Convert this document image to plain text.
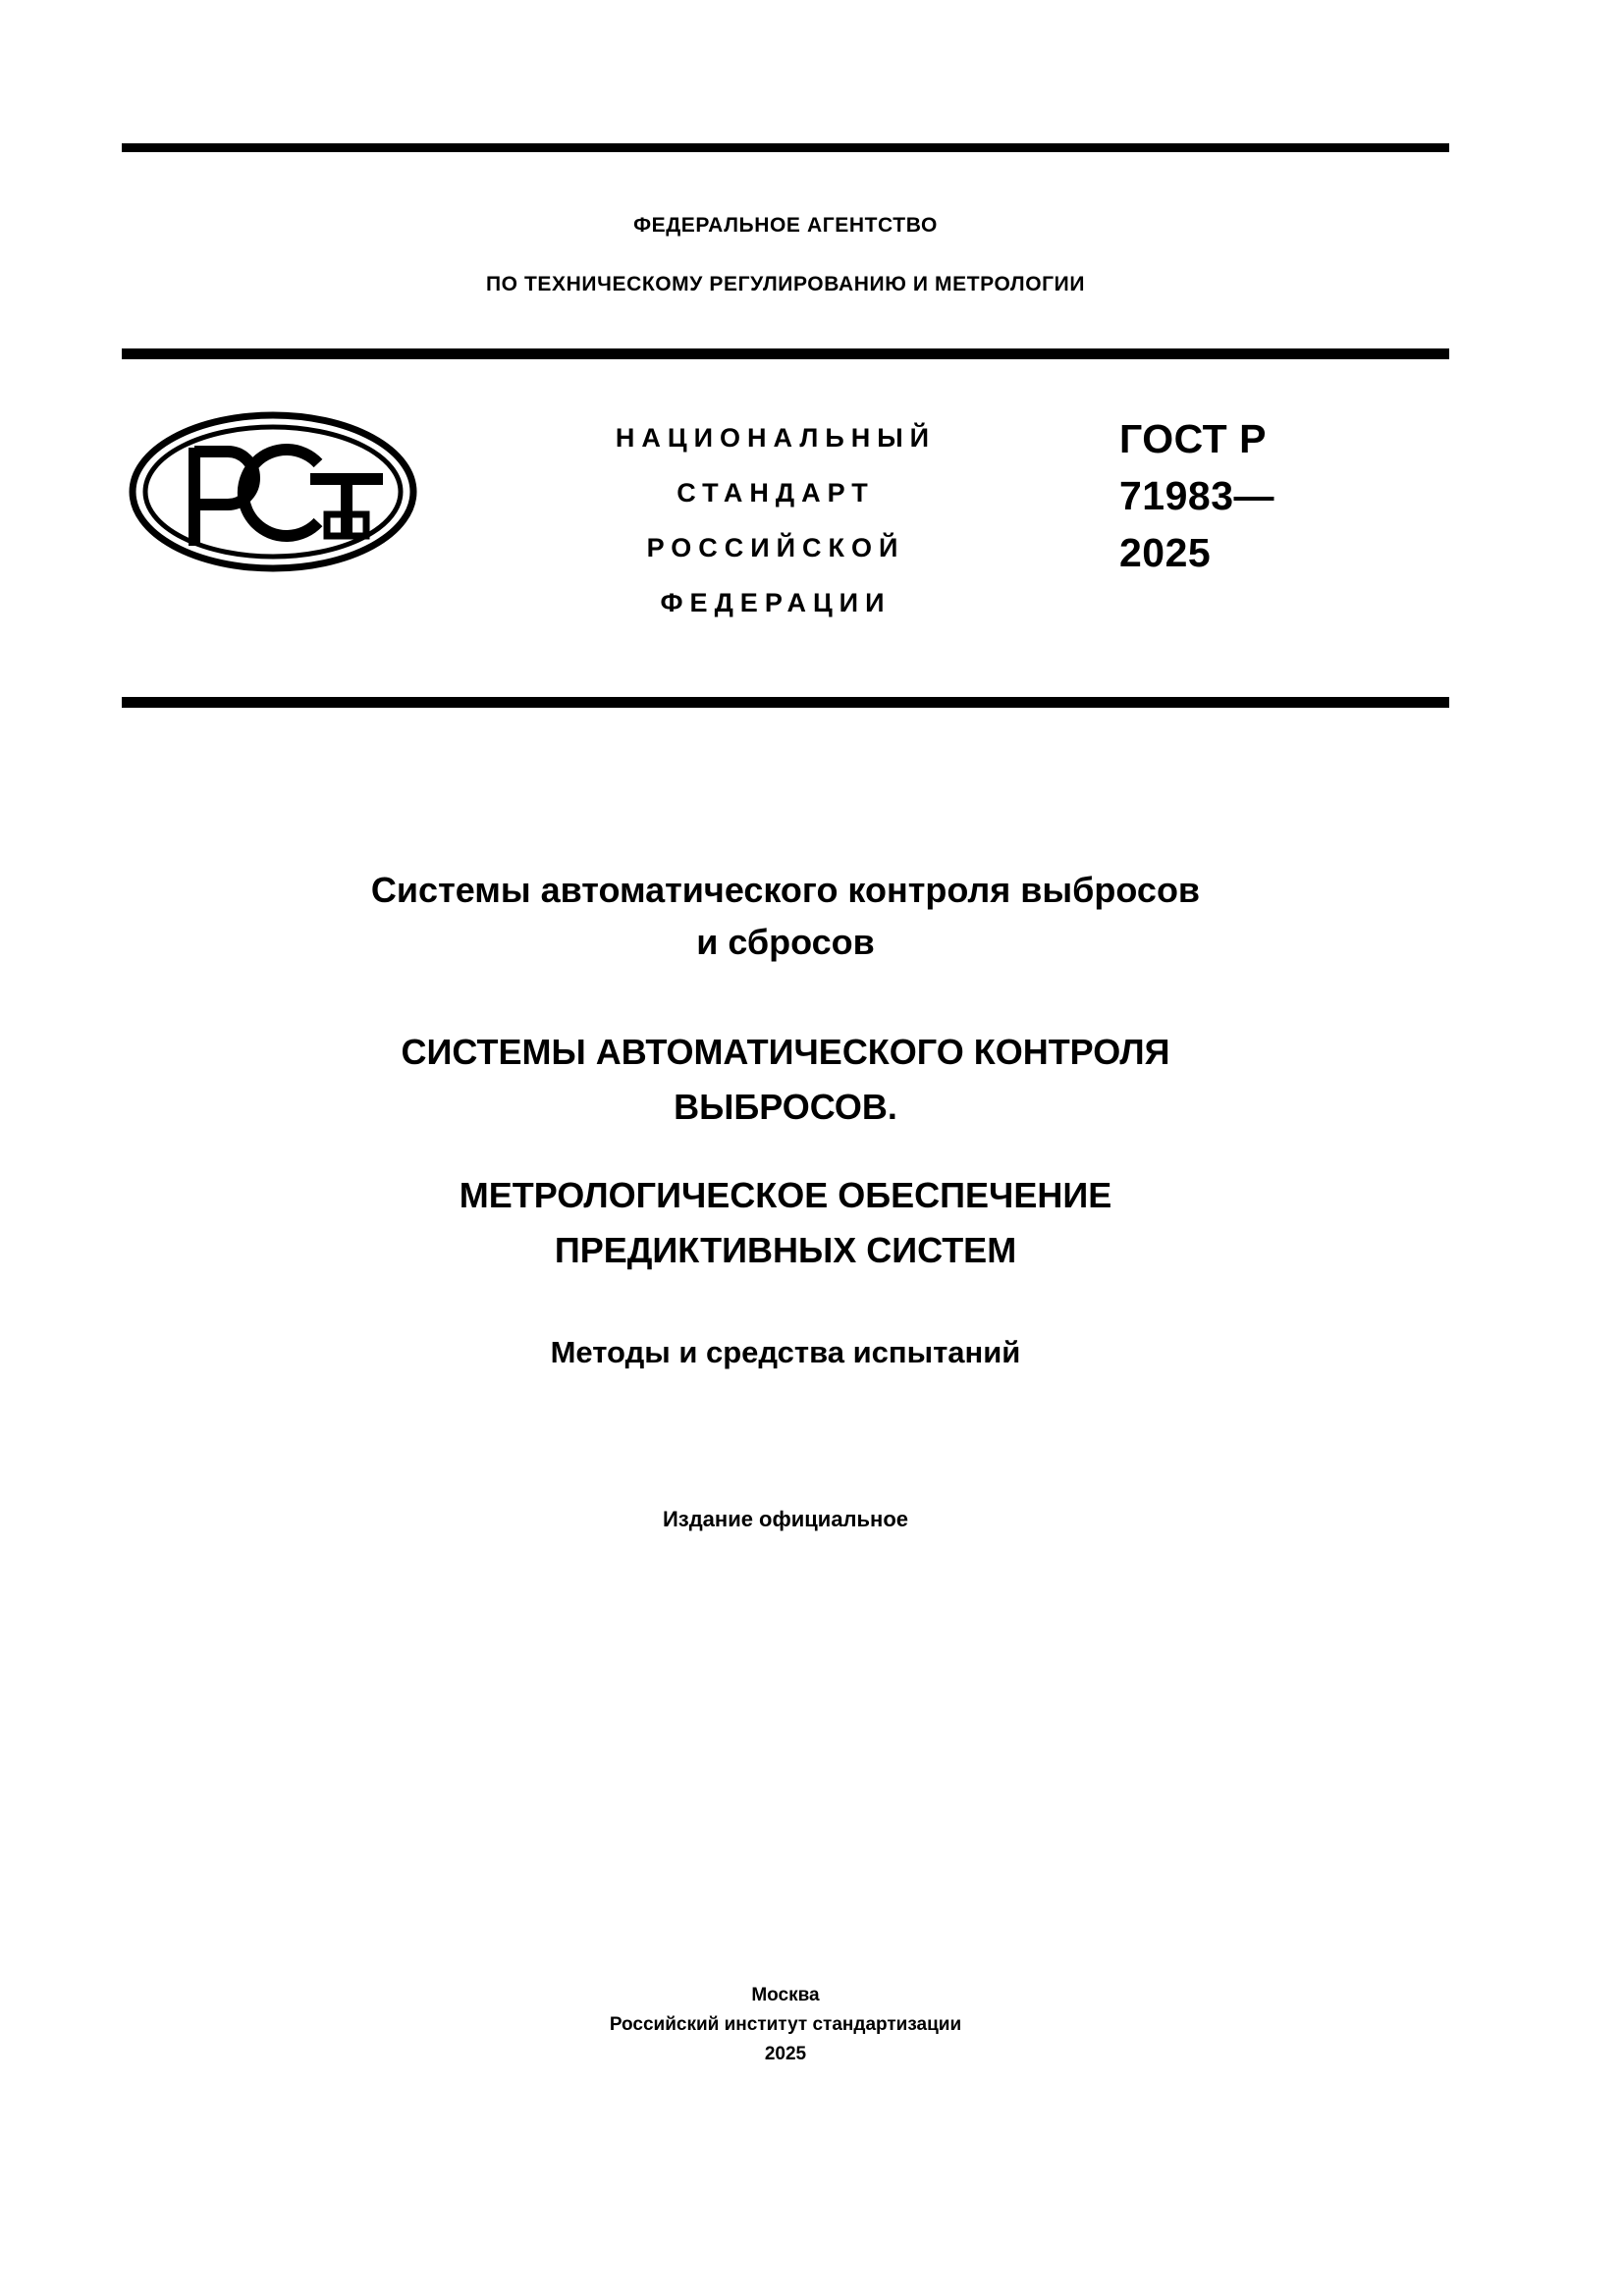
ФЕДЕРАЛЬНОЕ АГЕНТСТВО
ПО ТЕХНИЧЕСКОМУ РЕГУЛИРОВАНИЮ И МЕТРОЛОГИИ
НАЦИОНАЛЬНЫЙ
СТАНДАРТ
РОССИЙСКОЙ
ФЕДЕРАЦИИ
ГОСТ Р
71983—
2025
Системы автоматического контроля выбросов
и сбросов
СИСТЕМЫ АВТОМАТИЧЕСКОГО КОНТРОЛЯ
ВЫБРОСОВ.
МЕТРОЛОГИЧЕСКОЕ ОБЕСПЕЧЕНИЕ
ПРЕДИКТИВНЫХ СИСТЕМ
Методы и средства испытаний
Издание официальное
Москва
Российский институт стандартизации
2025
